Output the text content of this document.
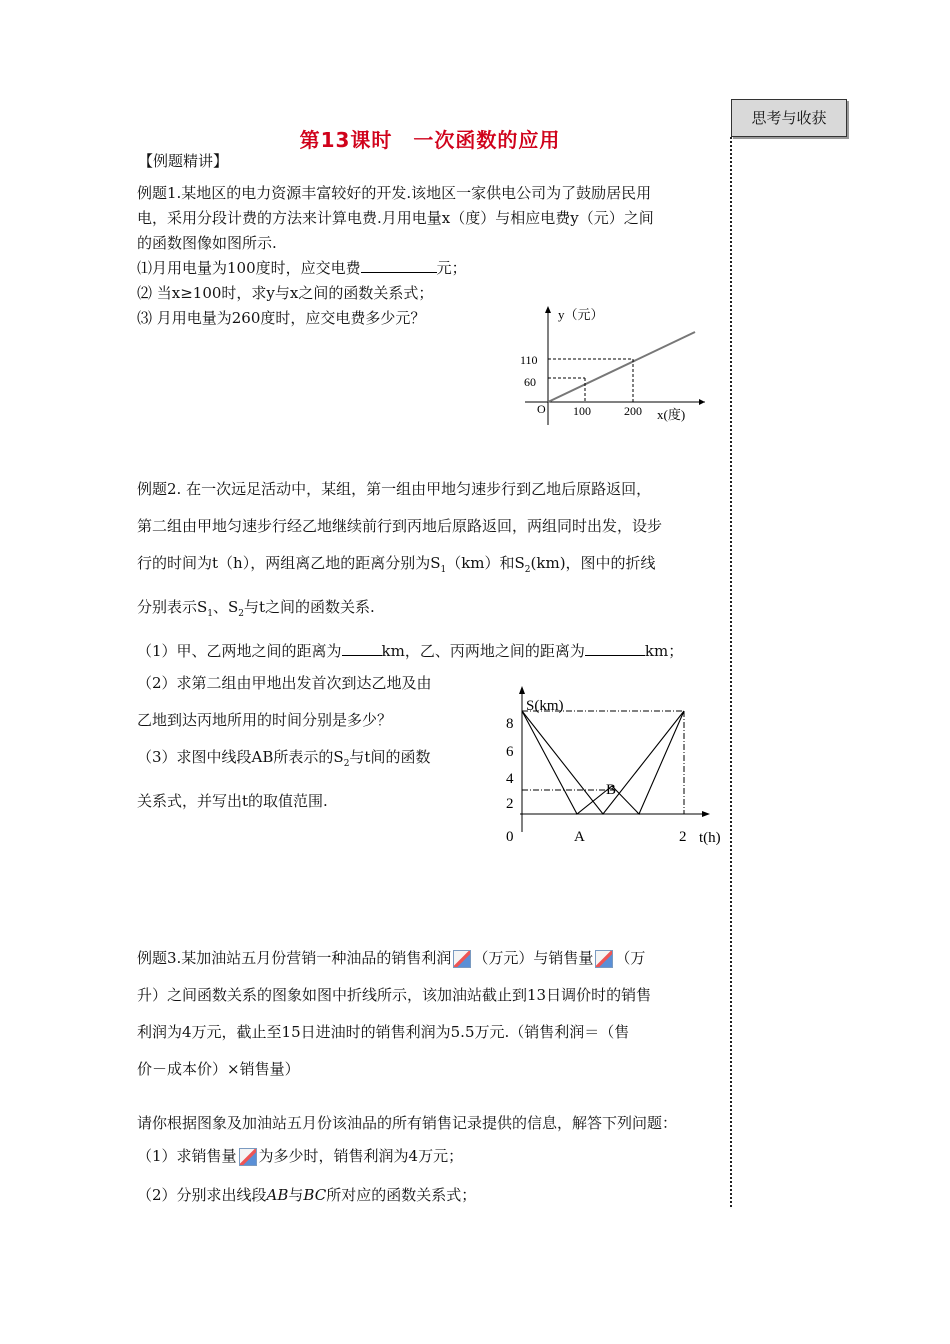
思考与收获
第13课时　一次函数的应用
【例题精讲】
例题1.某地区的电力资源丰富较好的开发.该地区一家供电公司为了鼓励居民用
电，采用分段计费的方法来计算电费.月用电量x（度）与相应电费y（元）之间
的函数图像如图所示.
⑴月用电量为100度时，应交电费	元；
⑵ 当x≥100时，求y与x之间的函数关系式；
⑶ 月用电量为260度时，应交电费多少元？	y（元）
110
60
O 100	200 x(度)
例题2. 在一次远足活动中，某组，第一组由甲地匀速步行到乙地后原路返回，
第二组由甲地匀速步行经乙地继续前行到丙地后原路返回，两组同时出发，设步
行的时间为t（h），两组离乙地的距离分别为$S_1(km)$和$S_2(km)$，图中的折线
分别表示$S_1$、$S_2$与t之间的函数关系.
（1）甲、乙两地之间的距离为	km，乙、丙两地之间的距离为	km；
（2）求第二组由甲地出发首次到达乙地及由
乙地到达丙地所用的时间分别是多少？
（3）求图中线段AB所表示的$S_2$与t间的函数
关系式，并写出t的取值范围.
S(km)
8
6
4
2
0	A
B
2 t(h)
例题3.某加油站五月份营销一种油品的销售利润 （万元）与销售量 （万
升）之间函数关系的图象如图中折线所示，该加油站截止到13日调价时的销售
利润为4万元，截止至15日进油时的销售利润为5.5万元.（销售利润＝（售
价－成本价）×销售量）
请你根据图象及加油站五月份该油品的所有销售记录提供的信息，解答下列问题：
（1）求销售量 为多少时，销售利润为4万元；
（2）分别求出线段AB与BC所对应的函数关系式；
